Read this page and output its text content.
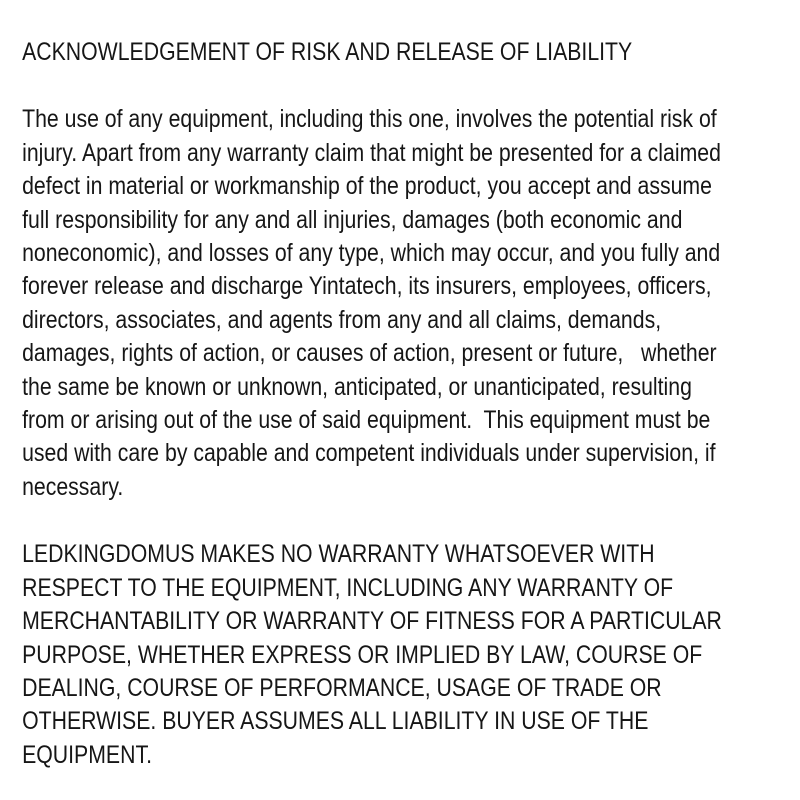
ACKNOWLEDGEMENT OF RISK AND RELEASE OF LIABILITY
The use of any equipment, including this one, involves the potential risk of
injury. Apart from any warranty claim that might be presented for a claimed
defect in material or workmanship of the product, you accept and assume
full responsibility for any and all injuries, damages (both economic and
noneconomic), and losses of any type, which may occur, and you fully and
forever release and discharge Yintatech, its insurers, employees, officers,
directors, associates, and agents from any and all claims, demands,
damages, rights of action, or causes of action, present or future,   whether
the same be known or unknown, anticipated, or unanticipated, resulting
from or arising out of the use of said equipment.  This equipment must be
used with care by capable and competent individuals under supervision, if
necessary.
LEDKINGDOMUS MAKES NO WARRANTY WHATSOEVER WITH
RESPECT TO THE EQUIPMENT, INCLUDING ANY WARRANTY OF
MERCHANTABILITY OR WARRANTY OF FITNESS FOR A PARTICULAR
PURPOSE, WHETHER EXPRESS OR IMPLIED BY LAW, COURSE OF
DEALING, COURSE OF PERFORMANCE, USAGE OF TRADE OR
OTHERWISE. BUYER ASSUMES ALL LIABILITY IN USE OF THE
EQUIPMENT.
